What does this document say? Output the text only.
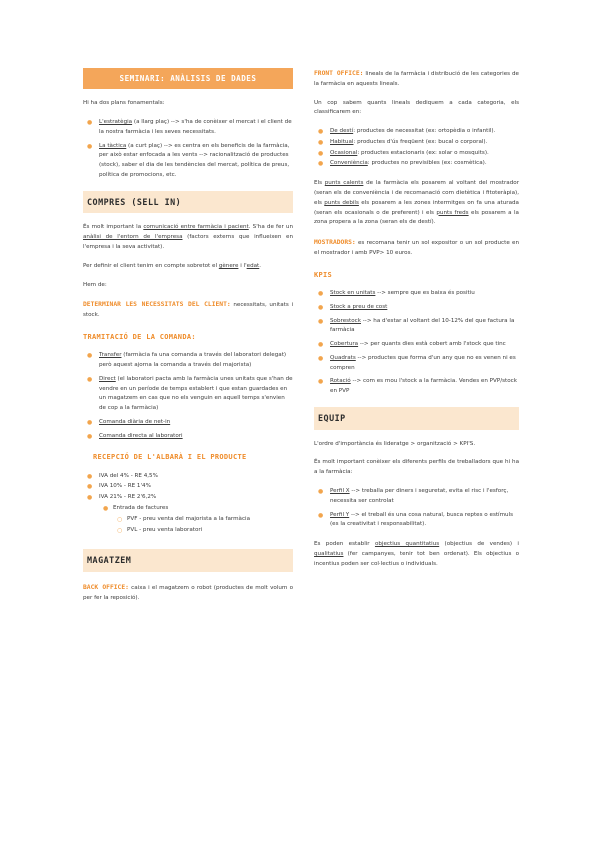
SEMINARI: ANÀLISIS DE DADES

Hi ha dos plans fonamentals:

● L'estratègia (a llarg plaç) --> s'ha de conèixer el mercat i el client de la nostra farmàcia i les seves necessitats.
● La tàctica (a curt plaç) --> es centra en els beneficis de la farmàcia, per això estar enfocada a les vents --> racionalització de productes (stock), saber el dia de les tendències del mercat, política de preus, política de promocions, etc.
COMPRES (SELL IN)

És molt important la comunicació entre farmàcia i pacient. S'ha de fer un anàlisi de l'entorn de l'empresa (factors externs que influeixen en l'empresa i la seva activitat).

Per definir el client tenim en compte sobretot el gènere i l'edat.

Hem de:

DETERMINAR LES NECESSITATS DEL CLIENT: necessitats, unitats i stock.

TRAMITACIÓ DE LA COMANDA:
● Transfer (farmàcia fa una comanda a través del laboratori delegat) però aquest ajorna la comanda a través del majorista)
● Direct (el laboratori pacta amb la farmàcia unes unitats que s'han de vendre en un període de temps establert i que estan guardades en un magatzem en cas que no els venguin en aquell temps s'envien de cop a la farmàcia)
● Comanda diària de net-in
● Comanda directa al laboratori
RECEPCIÓ DE L'ALBARÀ I EL PRODUCTE
● IVA del 4% - RE 4,5%
● IVA 10% - RE 1'4%
● IVA 21% - RE 2'6,2%
● Entrada de factures
○ PVF - preu venta del majorista a la farmàcia
○ PVL - preu venta laboratori
MAGATZEM

BACK OFFICE: caixa i el magatzem o robot (productes de molt volum o per fer la reposició).

FRONT OFFICE: lineals de la farmàcia i distribució de les categories de la farmàcia en aquests lineals.

Un cop sabem quants lineals dediquem a cada categoria, els classificarem en:

● De destí: productes de necessitat (ex: ortopèdia o infantil).
● Habitual: productes d'ús freqüent (ex: bucal o corporal).
● Ocasional: productes estacionaris (ex: solar o mosquits).
● Conveniència: productes no previsibles (ex: cosmètica).

Els punts calents de la farmàcia els posarem al voltant del mostrador (seran els de conveniència i de recomanació com dietètica i fitoteràpia), els punts debils els posarem a les zones intermitges on fa una aturada (seran els ocasionals o de preferent) i els punts freds els posarem a la zona propera a la zona (seran els de destí).

MOSTRADORS: es recomana tenir un sol expositor o un sol producte en el mostrador i amb PVP> 10 euros.

KPIS
● Stock en unitats --> sempre que es baixa és positiu
● Stock a preu de cost
● Sobrestock --> ha d'estar al voltant del 10-12% del que factura la farmàcia
● Cobertura --> per quants dies està cobert amb l'stock que tinc
● Quadrats --> productes que forma d'un any que no es venen ni es compren
● Rotació --> com es mou l'stock a la farmàcia. Vendes en PVP/stock en PVP
EQUIP

L'ordre d'importància és lideratge > organització > KPI'S.

És molt important conèixer els diferents perfils de treballadors que hi ha a la farmàcia:

● Perfil X --> treballa per diners i seguretat, evita el risc i l'esforç, necessita ser controlat
● Perfil Y --> el treball és una cosa natural, busca reptes o estímuls (es la creativitat i responsabilitat).

Es poden establir objectius quantitatius (objectius de vendes) i qualitatius (fer campanyes, tenir tot ben ordenat). Els objectius o incentius poden ser col·lectius o individuals.
